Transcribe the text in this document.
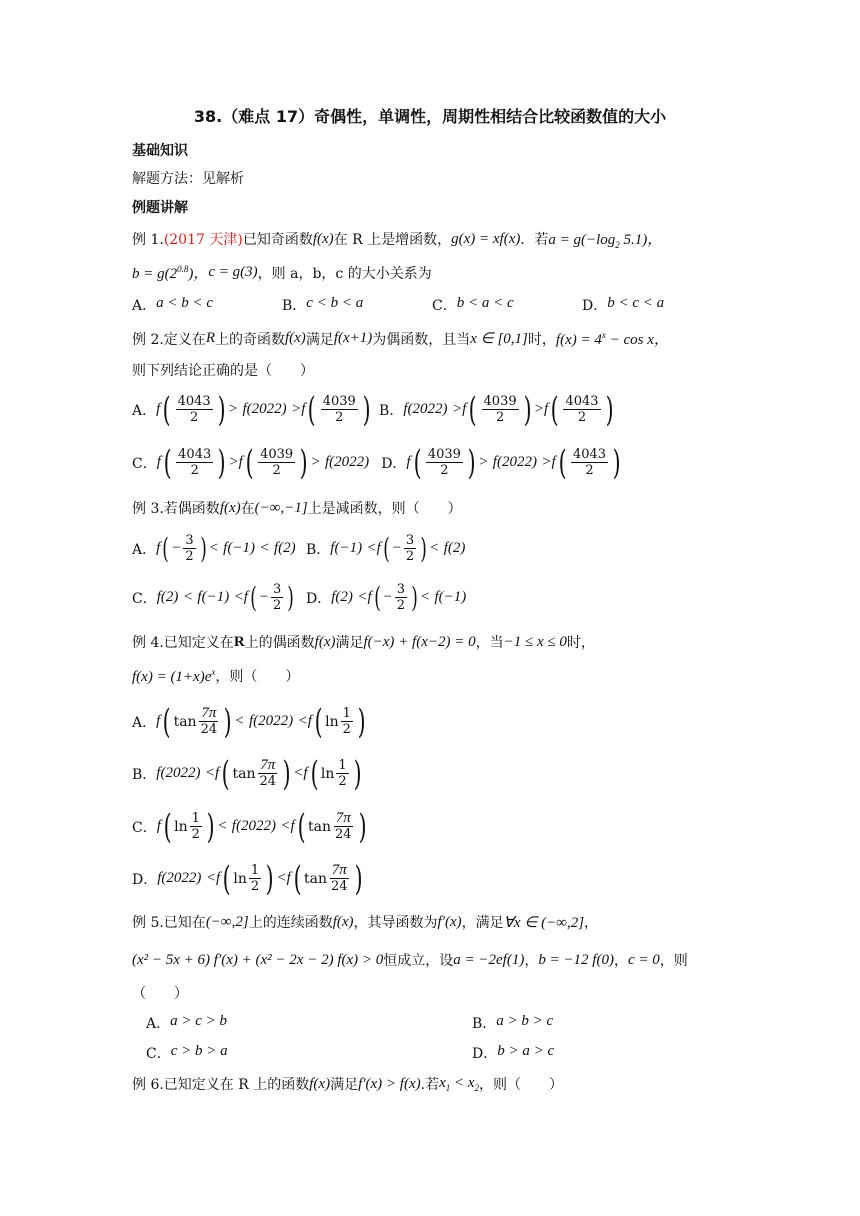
38.（难点 17）奇偶性，单调性，周期性相结合比较函数值的大小
基础知识
解题方法：见解析
例题讲解
例 1. (2017 天津) 已知奇函数 f(x) 在 R 上是增函数， g(x) = xf(x) ．若 $a = g(-\log_2$ 5.1)，
$b = g(2^{0.8})$， c = g(3) ，则 a，b，c 的大小关系为
A． a < b < c	B． c < b < a	C． b < a < c	D． b < c < a
例 2.定义在 R 上的奇函数 f(x) 满足 f(x+1) 为偶函数，且当 x ∈ [0,1] 时， $f(x) = 4^x - \cos x$，
则下列结论正确的是（　　）
A． f ( $\frac{4043}{2}$ ) >
f(2022)
> f ( $\frac{4039}{2}$ ) B． f(2022)
> f ( $\frac{4039}{2}$ ) > f ( $\frac{4043}{2}$ )
C． f ( $\frac{4043}{2}$ ) > f ( $\frac{4039}{2}$ ) >
f(2022) D． f ( $\frac{4039}{2}$ ) >
f(2022)
> f ( $\frac{4043}{2}$ )
例 3.若偶函数 f(x) 在 (−∞,−1] 上是减函数，则（　　）
A． f ( − $\frac{3}{2}$ ) <
f(−1)
<
f(2) B． f(−1)
< f ( − $\frac{3}{2}$ ) <
f(2)
C． f(2)
<
f(−1)
< f ( − $\frac{3}{2}$ ) D． f(2)
< f ( − $\frac{3}{2}$ ) <
f(−1)
例 4.已知定义在 R 上的偶函数 f(x) 满足 f(−x) + f(x−2) = 0 ，当 −1 ≤ x ≤ 0 时，
$f(x) = (1+x)e^x$ ，则（　　）
A． f ( $\tan \frac{7\pi}{24}$ ) <
f(2022)
< f ( $\ln \frac{1}{2}$ )
B． f(2022)
< f ( $\tan \frac{7\pi}{24}$ ) < f ( $\ln \frac{1}{2}$ )
C． f ( $\ln \frac{1}{2}$ ) <
f(2022)
< f ( $\tan \frac{7\pi}{24}$ )
D． f(2022)
< f ( $\ln \frac{1}{2}$ ) < f ( $\tan \frac{7\pi}{24}$ )
例 5.已知在 (−∞,2] 上的连续函数 f(x) ，其导函数为 f′(x) ，满足 ∀x ∈ (−∞,2] ，
(x² − 5x + 6) f′(x) + (x² − 2x − 2) f(x) > 0 恒成立，设 a = −2ef(1) ， b = −12 f(0) ， c = 0 ，则
（　　）
A． a > c > b	B． a > b > c
C． c > b > a	D． b > a > c
例 6.已知定义在 R 上的函数 f(x) 满足 f′(x) > f(x) .若 $x_1 < x_2$ ，则（　　）
